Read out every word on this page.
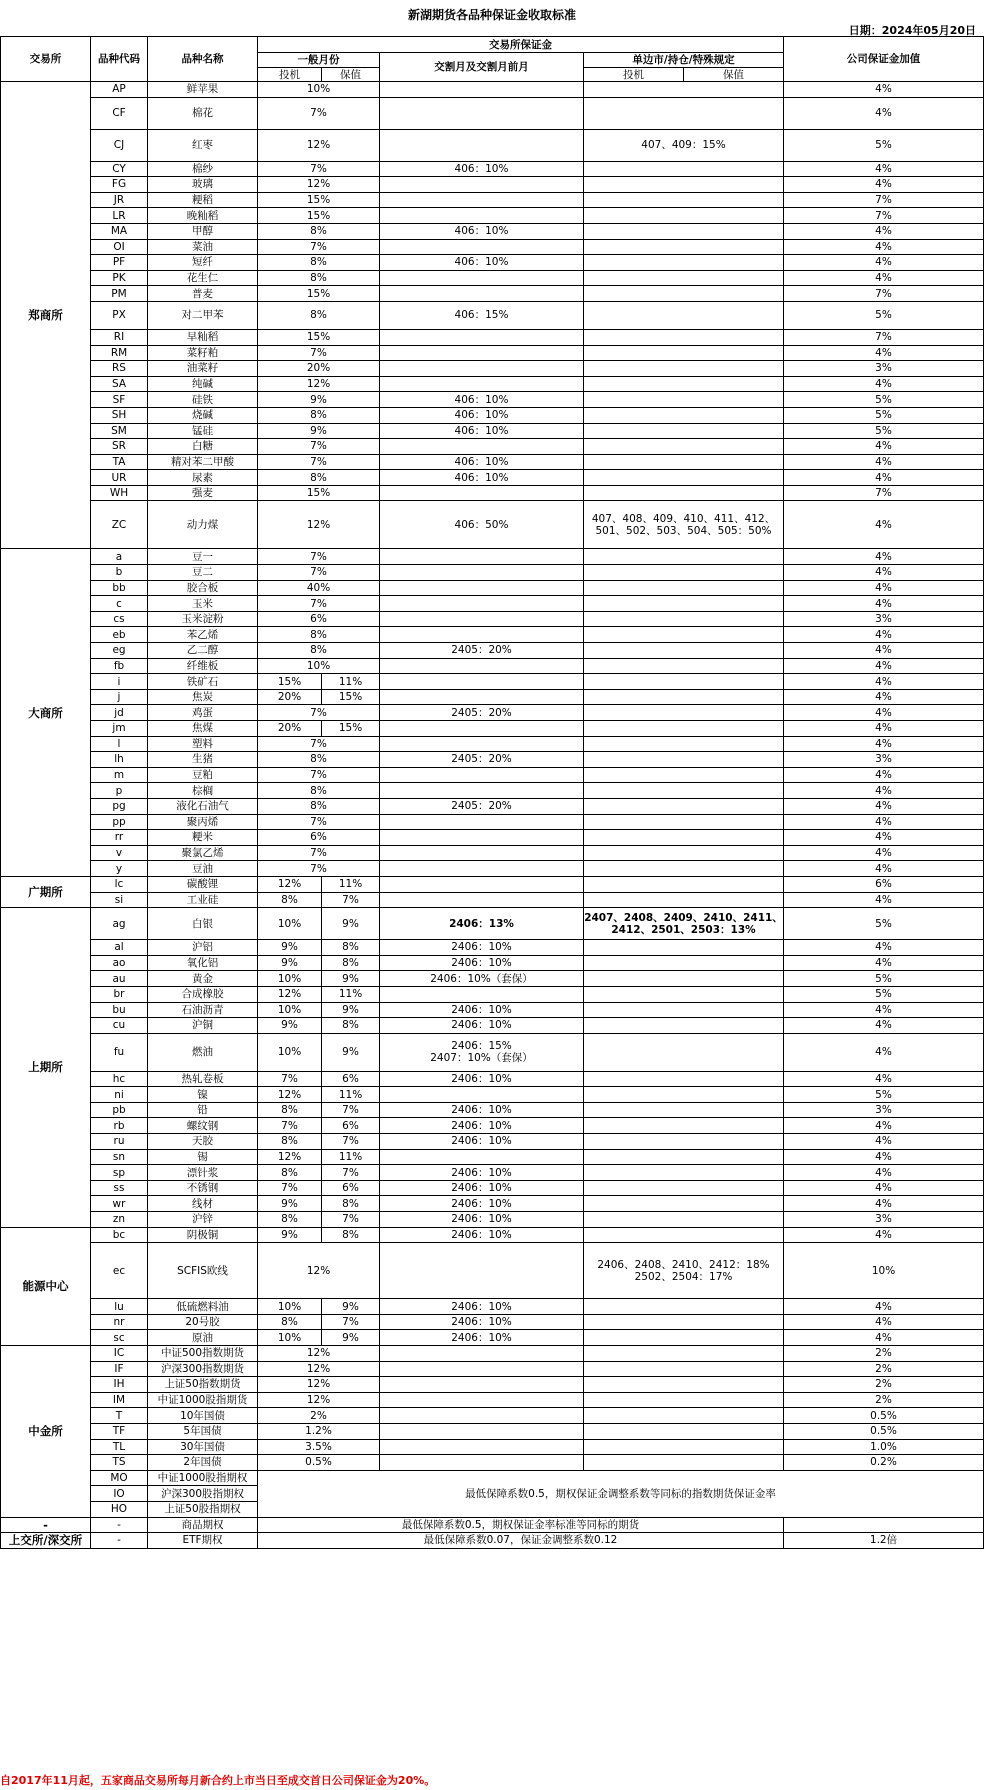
新湖期货各品种保证金收取标准
日期：2024年05月20日
交易所	品种代码	品种名称	交易所保证金					公司保证金加值
			一般月份		交割月及交割月前月	单边市/持仓/特殊规定		
			投机	保值		投机	保值	
郑商所	AP	鲜苹果	10%					4%
	CF	棉花	7%					4%
	CJ	红枣	12%			407、409：15%		5%
	CY	棉纱	7%		406：10%			4%
	FG	玻璃	12%					4%
	JR	粳稻	15%					7%
	LR	晚籼稻	15%					7%
	MA	甲醇	8%		406：10%			4%
	OI	菜油	7%					4%
	PF	短纤	8%		406：10%			4%
	PK	花生仁	8%					4%
	PM	普麦	15%					7%
	PX	对二甲苯	8%		406：15%			5%
	RI	早籼稻	15%					7%
	RM	菜籽粕	7%					4%
	RS	油菜籽	20%					3%
	SA	纯碱	12%					4%
	SF	硅铁	9%		406：10%			5%
	SH	烧碱	8%		406：10%			5%
	SM	锰硅	9%		406：10%			5%
	SR	白糖	7%					4%
	TA	精对苯二甲酸	7%		406：10%			4%
	UR	尿素	8%		406：10%			4%
	WH	强麦	15%					7%
	ZC	动力煤	12%		406：50%	407、408、409、410、411、412、501、502、503、504、505：50%		4%
大商所	a	豆一	7%					4%
	b	豆二	7%					4%
	bb	胶合板	40%					4%
	c	玉米	7%					4%
	cs	玉米淀粉	6%					3%
	eb	苯乙烯	8%					4%
	eg	乙二醇	8%		2405：20%			4%
	fb	纤维板	10%					4%
	i	铁矿石	15%	11%				4%
	j	焦炭	20%	15%				4%
	jd	鸡蛋	7%		2405：20%			4%
	jm	焦煤	20%	15%				4%
	l	塑料	7%					4%
	lh	生猪	8%		2405：20%			3%
	m	豆粕	7%					4%
	p	棕榈	8%					4%
	pg	液化石油气	8%		2405：20%			4%
	pp	聚丙烯	7%					4%
	rr	粳米	6%					4%
	v	聚氯乙烯	7%					4%
	y	豆油	7%					4%
广期所	lc	碳酸锂	12%	11%				6%
	si	工业硅	8%	7%				4%
上期所	ag	白银	10%	9%	2406：13%	2407、2408、2409、2410、2411、2412、2501、2503：13%		5%
	al	沪铝	9%	8%	2406：10%			4%
	ao	氧化铝	9%	8%	2406：10%			4%
	au	黄金	10%	9%	2406：10%（套保）			5%
	br	合成橡胶	12%	11%				5%
	bu	石油沥青	10%	9%	2406：10%			4%
	cu	沪铜	9%	8%	2406：10%			4%
	fu	燃油	10%	9%	2406：15%
2407：10%（套保）			4%
	hc	热轧卷板	7%	6%	2406：10%			4%
	ni	镍	12%	11%				5%
	pb	铅	8%	7%	2406：10%			3%
	rb	螺纹钢	7%	6%	2406：10%			4%
	ru	天胶	8%	7%	2406：10%			4%
	sn	锡	12%	11%				4%
	sp	漂针浆	8%	7%	2406：10%			4%
	ss	不锈钢	7%	6%	2406：10%			4%
	wr	线材	9%	8%	2406：10%			4%
	zn	沪锌	8%	7%	2406：10%			3%
能源中心	bc	阴极铜	9%	8%	2406：10%			4%
	ec	SCFIS欧线	12%			2406、2408、2410、2412：18%
2502、2504：17%		10%
	lu	低硫燃料油	10%	9%	2406：10%			4%
	nr	20号胶	8%	7%	2406：10%			4%
	sc	原油	10%	9%	2406：10%			4%
中金所	IC	中证500指数期货	12%					2%
	IF	沪深300指数期货	12%					2%
	IH	上证50指数期货	12%					2%
	IM	中证1000股指期货	12%					2%
	T	10年国债	2%					0.5%
	TF	5年国债	1.2%					0.5%
	TL	30年国债	3.5%					1.0%
	TS	2年国债	0.5%					0.2%
	MO	中证1000股指期权	最低保障系数0.5，期权保证金调整系数等同标的指数期货保证金率					
	IO	沪深300股指期权						
	HO	上证50股指期权						
-	-	商品期权	最低保障系数0.5，期权保证金率标准等同标的期货					
上交所/深交所	-	ETF期权	最低保障系数0.07，保证金调整系数0.12					1.2倍
自2017年11月起，五家商品交易所每月新合约上市当日至成交首日公司保证金为20%。
